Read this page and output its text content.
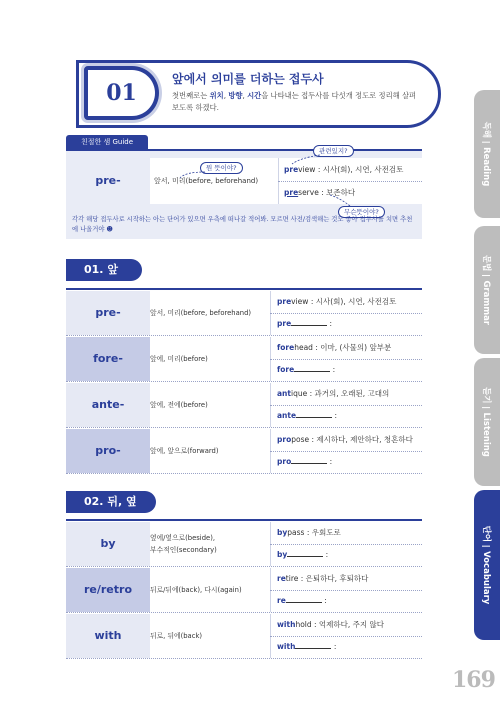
01
앞에서 의미를 더하는 접두사
첫번째로는 위치, 방향, 시간을 나타내는 접두사를 다섯개 정도로 정리해 살펴보도록 하겠다.
친절한 샘 Guide
pre-	앞서, 미리(before, beforehand)
preview : 시사(회), 시연, 사전검토
preserve : 보존하다
뭔 뜻이야?
관련있지?
무슨뜻이야?
각각 해당 접두사로 시작하는 아는 단어가 있으면 우측에 떠나갈 적어봐. 모르면 사전/검색해는 것도 좋아 접두사를 치면 추천에 나올거야 ☻
01. 앞
pre-	앞서, 미리(before, beforehand)
preview : 시사(회), 시연, 사전검토
pre	:
fore-	앞에, 미리(before)
forehead : 이마, (사물의) 앞부분
fore	:
ante-	앞에, 전에(before)
antique : 과거의, 오래된, 고대의
ante	:
pro-	앞에, 앞으로(forward)
propose : 제시하다, 제안하다, 청혼하다
pro	:
02. 뒤, 옆
by	옆에/옆으로(beside),
부수적인(secondary)
bypass : 우회도로
by	:
re/retro	뒤로/뒤에(back), 다시(again)
retire : 은퇴하다, 후퇴하다
re	:
with	뒤로, 뒤에(back)
withhold : 억제하다, 주지 않다
with	:
독해Reading
문법Grammar
듣기Listening
단어Vocabulary
169
